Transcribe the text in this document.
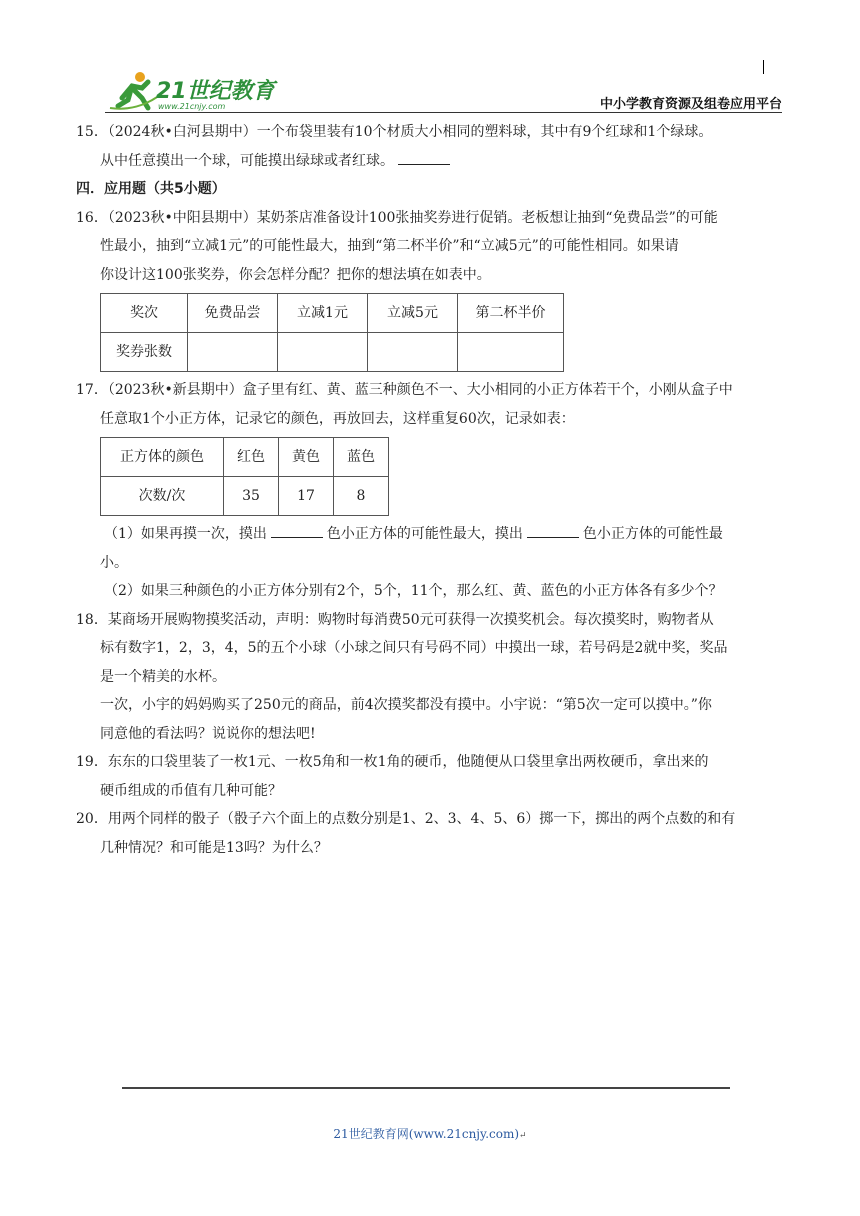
21世纪教育
www.21cnjy.com	中小学教育资源及组卷应用平台

15．（2024秋•白河县期中）一个布袋里装有10个材质大小相同的塑料球，其中有9个红球和1个绿球。

从中任意摸出一个球，可能摸出绿球或者红球。

四．应用题（共5小题）

16．（2023秋•中阳县期中）某奶茶店准备设计100张抽奖券进行促销。老板想让抽到“免费品尝”的可能

性最小，抽到“立减1元”的可能性最大，抽到“第二杯半价”和“立减5元”的可能性相同。如果请

你设计这100张奖券，你会怎样分配？把你的想法填在如表中。

奖次	免费品尝	立减1元	立减5元	第二杯半价
奖券张数				

17．（2023秋•新县期中）盒子里有红、黄、蓝三种颜色不一、大小相同的小正方体若干个，小刚从盒子中

任意取1个小正方体，记录它的颜色，再放回去，这样重复60次，记录如表：

正方体的颜色	红色	黄色	蓝色
次数/次	35	17	8

（1）如果再摸一次，摸出	色小正方体的可能性最大，摸出	色小正方体的可能性最

小。

（2）如果三种颜色的小正方体分别有2个，5个，11个，那么红、黄、蓝色的小正方体各有多少个？

18．某商场开展购物摸奖活动，声明：购物时每消费50元可获得一次摸奖机会。每次摸奖时，购物者从

标有数字1，2，3，4，5的五个小球（小球之间只有号码不同）中摸出一球，若号码是2就中奖，奖品

是一个精美的水杯。

一次，小宇的妈妈购买了250元的商品，前4次摸奖都没有摸中。小宇说：“第5次一定可以摸中。”你

同意他的看法吗？说说你的想法吧!

19．东东的口袋里装了一枚1元、一枚5角和一枚1角的硬币，他随便从口袋里拿出两枚硬币，拿出来的

硬币组成的币值有几种可能？

20．用两个同样的骰子（骰子六个面上的点数分别是1、2、3、4、5、6）掷一下，掷出的两个点数的和有

几种情况？和可能是13吗？为什么？

21世纪教育网(www.21cnjy.com)↵
